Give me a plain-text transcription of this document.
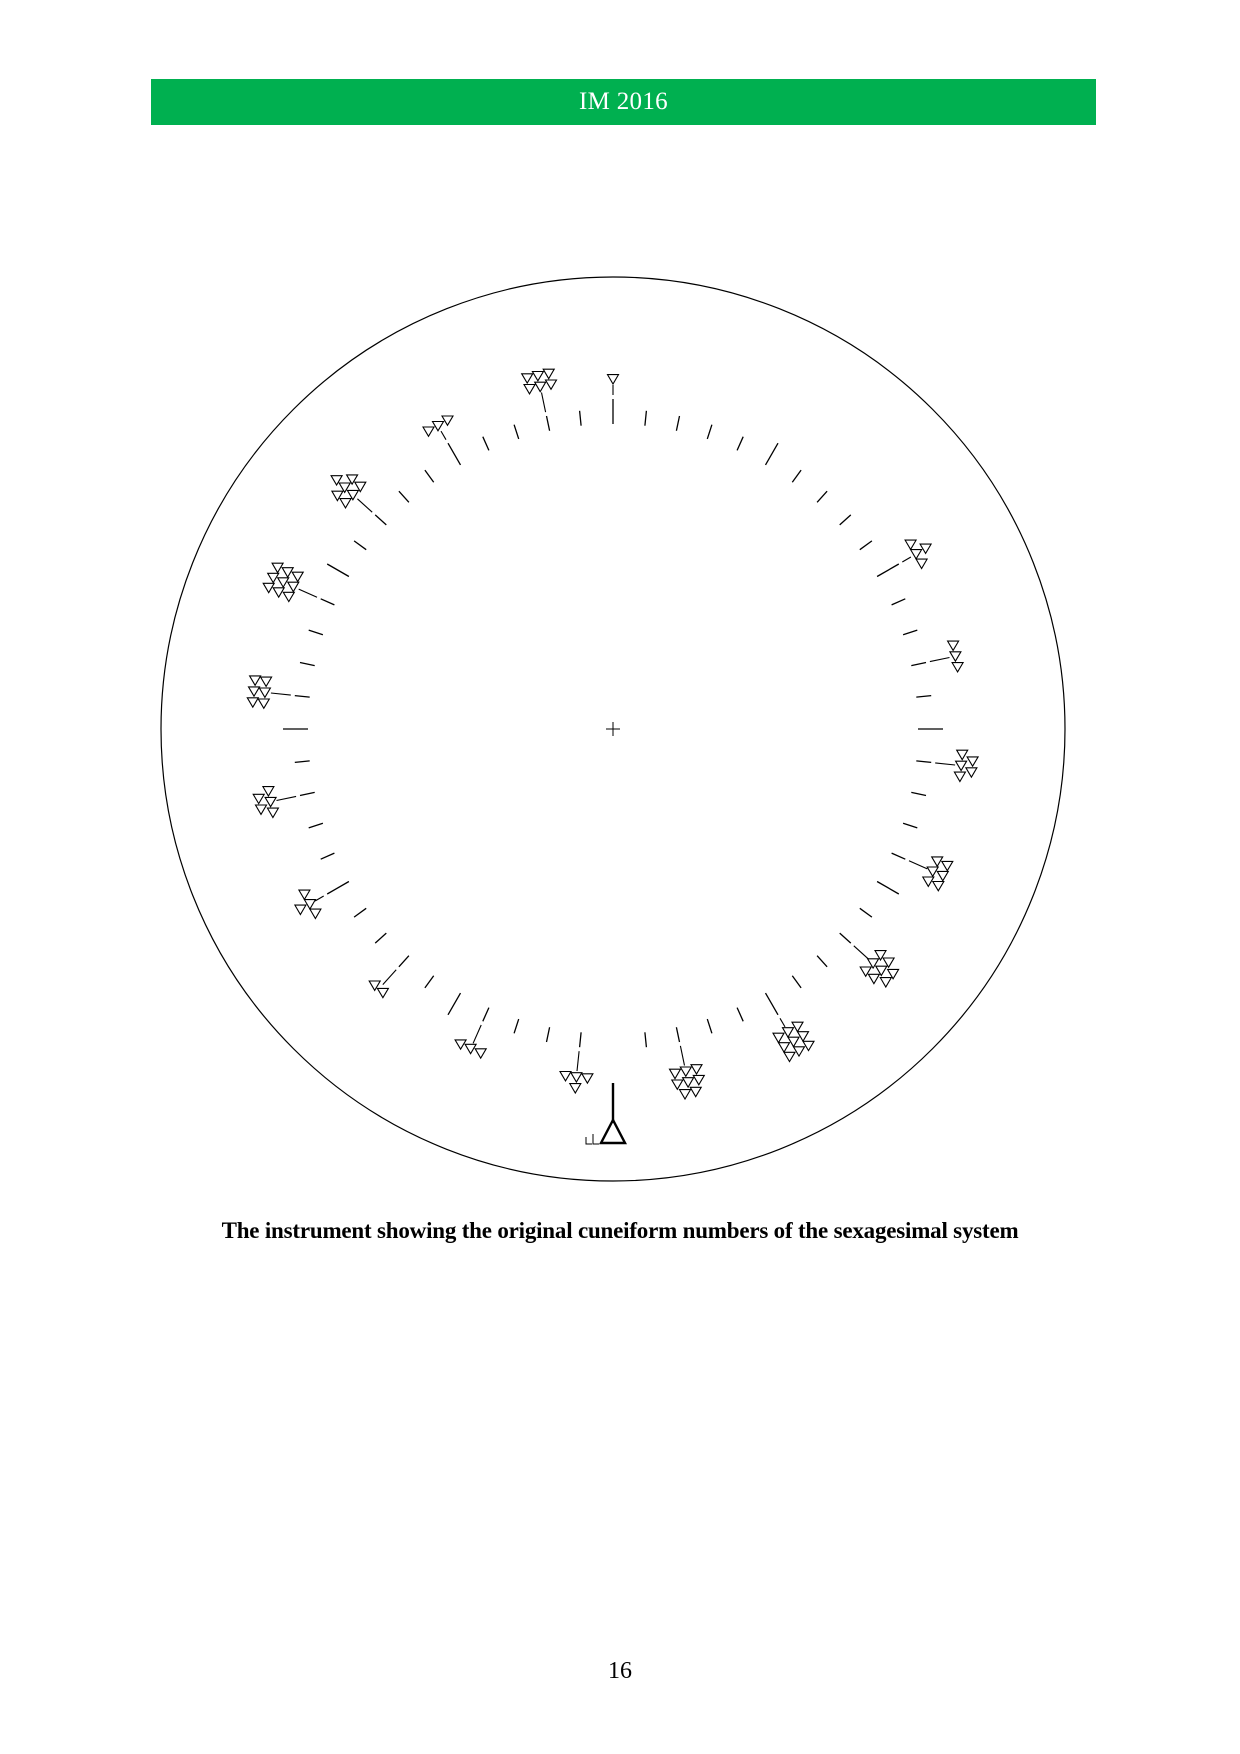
IM 2016
The instrument showing the original cuneiform numbers of the sexagesimal system
16
